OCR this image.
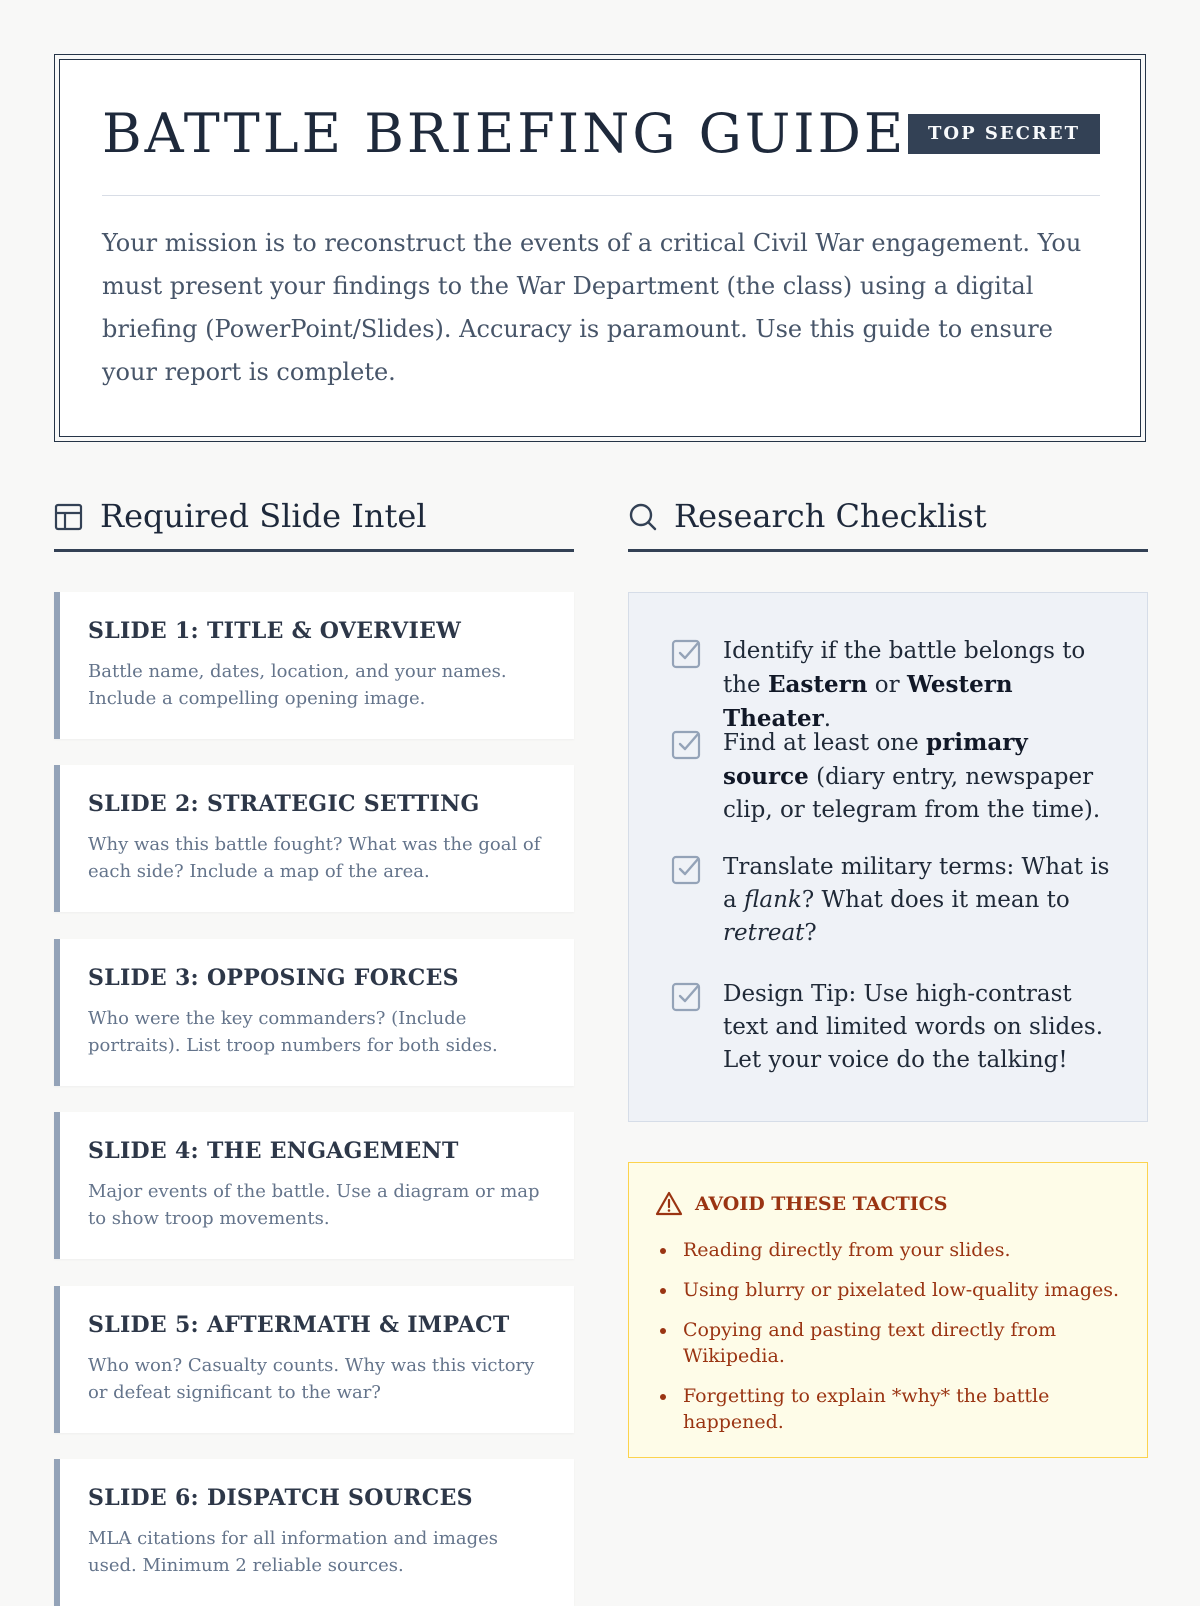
BATTLE BRIEFING GUIDE	TOP SECRET
Your mission is to reconstruct the events of a critical Civil War engagement. You must present your findings to the War Department (the class) using a digital briefing (PowerPoint/Slides). Accuracy is paramount. Use this guide to ensure your report is complete.
Required Slide Intel	Research Checklist
SLIDE 1: TITLE & OVERVIEW
Battle name, dates, location, and your names. Include a compelling opening image.
SLIDE 2: STRATEGIC SETTING
Why was this battle fought? What was the goal of each side? Include a map of the area.
SLIDE 3: OPPOSING FORCES
Who were the key commanders? (Include portraits). List troop numbers for both sides.
SLIDE 4: THE ENGAGEMENT
Major events of the battle. Use a diagram or map to show troop movements.
SLIDE 5: AFTERMATH & IMPACT
Who won? Casualty counts. Why was this victory or defeat significant to the war?
SLIDE 6: DISPATCH SOURCES
MLA citations for all information and images used. Minimum 2 reliable sources.
Identify if the battle belongs to the Eastern or Western Theater.
Find at least one primary source (diary entry, newspaper clip, or telegram from the time).
Translate military terms: What is a flank? What does it mean to retreat?
Design Tip: Use high-contrast text and limited words on slides. Let your voice do the talking!
AVOID THESE TACTICS
Reading directly from your slides.
Using blurry or pixelated low-quality images.
Copying and pasting text directly from Wikipedia.
Forgetting to explain *why* the battle happened.
